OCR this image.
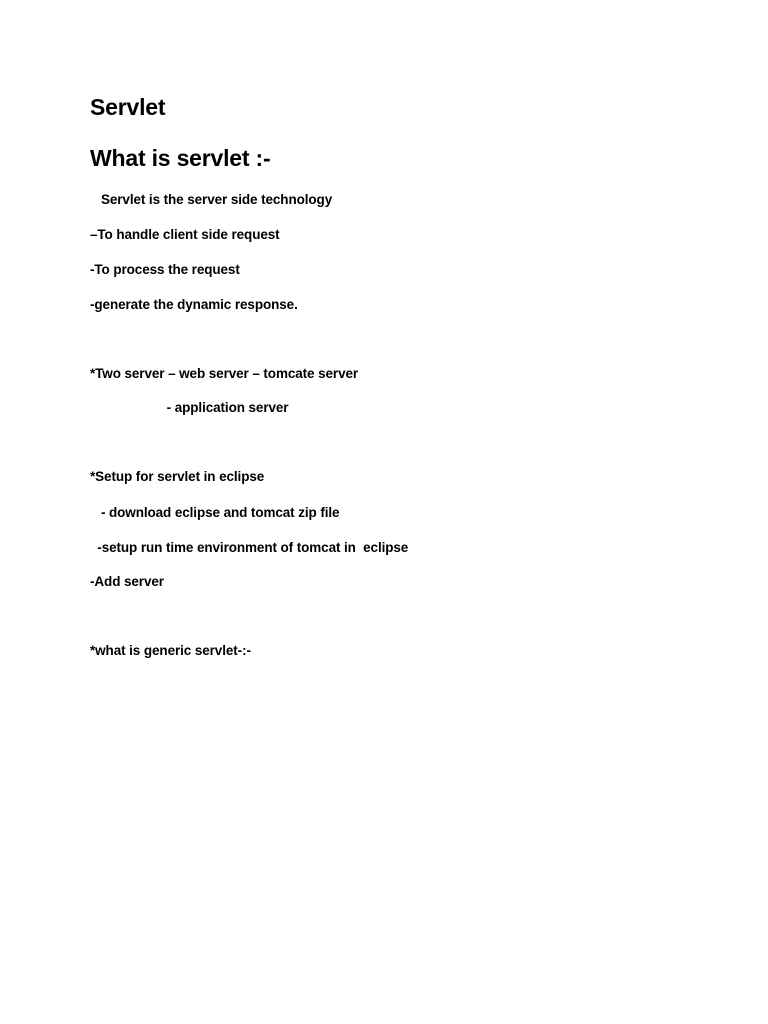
Servlet
What is servlet :-
Servlet is the server side technology
–To handle client side request
-To process the request
-generate the dynamic response.
*Two server – web server – tomcate server
- application server
*Setup for servlet in eclipse
- download eclipse and tomcat zip file
-setup run time environment of tomcat in  eclipse
-Add server
*what is generic servlet-:-
